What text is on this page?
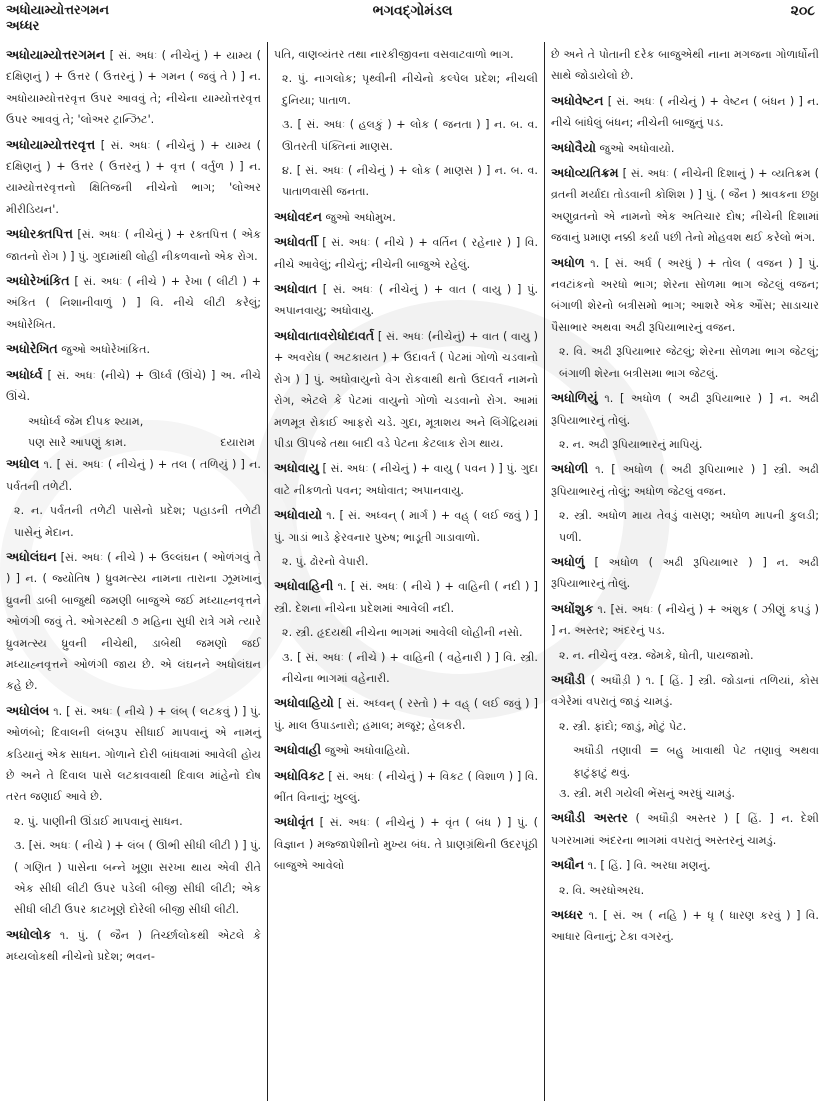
અધોયામ્યોત્તરગમન
અધ્ધર
ભગવદ્ગોમંડલ	૨૦૮
અધોયામ્યોત્તરગમન [ સં. અધઃ ( નીચેનું ) + યામ્ય ( દક્ષિણનું ) + ઉત્તર ( ઉત્તરનું ) + ગમન ( જવું તે ) ] ન. અધોયામ્યોત્તરવૃત્ત ઉપર આવવું તે; નીચેના યામ્યોત્તરવૃત્ત ઉપર આવવું તે; 'લોઅર ટ્રાન્ઝિટ'.
અધોયામ્યોત્તરવૃત્ત [ સં. અધઃ ( નીચેનું ) + યામ્ય ( દક્ષિણનું ) + ઉત્તર ( ઉત્તરનું ) + વૃત્ત ( વર્તુળ ) ] ન. યામ્યોત્તરવૃત્તનો ક્ષિતિજની નીચેનો ભાગ; 'લોઅર મીરીડિયન'.
અધોરક્તપિત્ત [સં. અધઃ ( નીચેનું ) + રક્તપિત્ત ( એક જાતનો રોગ ) ] પું. ગુદામાંથી લોહી નીકળવાનો એક રોગ.
અધોરેખાંકિત [ સં. અધઃ ( નીચે ) + રેખા ( લીટી ) + અંકિત ( નિશાનીવાળું ) ] વિ. નીચે લીટી કરેલું; અધોરેખિત.
અધોરેખિત જુઓ અધોરેખાંકિત.
અધોર્ધ્વ [ સં. અધઃ (નીચે) + ઊર્ધ્વ (ઊંચે) ] અ. નીચે ઊંચે.
અધોર્ધ્વ જેમ દીપક શ્યામ,
પણ સારે આપણું કામ.	દયારામ
અધોલ ૧. [ સં. અધઃ ( નીચેનું ) + તલ ( તળિયું ) ] ન. પર્વતની તળેટી.
૨. ન. પર્વતની તળેટી પાસેનો પ્રદેશ; પહાડની તળેટી પાસેનું મેદાન.
અધોલંઘન [સં. અધઃ ( નીચે ) + ઉલ્લંઘન ( ઓળંગવું તે ) ] ન. ( જ્યોતિષ ) ધ્રુવમત્સ્ય નામના તારાના ઝૂમખાનું ધ્રુવની ડાબી બાજુથી જમણી બાજુએ જઈ મધ્યાહ્નવૃત્તને ઓળંગી જવું તે. ઓગસ્ટથી ૭ મહિના સુધી રાત્રે ગમે ત્યારે ધ્રુવમત્સ્ય ધ્રુવની નીચેથી, ડાબેથી જમણો જઈ મધ્યાહ્નવૃત્તને ઓળંગી જાય છે. એ લંઘનને અધોલંઘન કહે છે.
અધોલંબ ૧. [ સં. અધઃ ( નીચે ) + લંબ્ ( લટકવું ) ] પું. ઓળંબો; દિવાલની લંબરૂપ સીધાઈ માપવાનું એ નામનું કડિયાનું એક સાધન. ગોળાને દોરી બાંધવામાં આવેલી હોય છે અને તે દિવાલ પાસે લટકાવવાથી દિવાલ માંહેનો દોષ તરત જણાઈ આવે છે.
૨. પું. પાણીની ઊંડાઈ માપવાનું સાધન.
૩. [સં. અધઃ ( નીચે ) + લંબ ( ઊભી સીધી લીટી ) ] પું. ( ગણિત ) પાસેના બન્ને ખૂણા સરખા થાય એવી રીતે એક સીધી લીટી ઉપર પડેલી બીજી સીધી લીટી; એક સીધી લીટી ઉપર કાટખૂણે દોરેલી બીજી સીધી લીટી.
અધોલોક ૧. પું. ( જૈન ) તિર્ચ્છાલોકથી એટલે કે મધ્યલોકથી નીચેનો પ્રદેશ; ભવન-
પતિ, વાણવ્યંતર તથા નારકીજીવના વસવાટવાળો ભાગ.
૨. પું. નાગલોક; પૃથ્વીની નીચેનો કલ્પેલ પ્રદેશ; નીચલી દુનિયા; પાતાળ.
૩. [ સં. અધઃ ( હલકું ) + લોક ( જનતા ) ] ન. બ. વ. ઊતરતી પંક્તિનાં માણસ.
૪. [ સં. અધઃ ( નીચેનું ) + લોક ( માણસ ) ] ન. બ. વ. પાતાળવાસી જનતા.
અધોવદન જુઓ અધોમુખ.
અધોવર્તી [ સં. અધઃ ( નીચે ) + વર્તિન ( રહેનાર ) ] વિ. નીચે આવેલું; નીચેનું; નીચેની બાજુએ રહેલું.
અધોવાત [ સં. અધઃ ( નીચેનું ) + વાત ( વાયુ ) ] પું. અપાનવાયુ; અધોવાયુ.
અધોવાતાવરોધોદાવર્ત [ સં. અધઃ (નીચેનું) + વાત ( વાયુ ) + અવરોધ ( અટકાયત ) + ઉદાવર્ત ( પેટમાં ગોળો ચડવાનો રોગ ) ] પું. અધોવાયુનો વેગ રોકવાથી થતો ઉદાવર્ત નામનો રોગ, એટલે કે પેટમાં વાયુનો ગોળો ચડવાનો રોગ. આમાં મળમૂત્ર રોકાઈ આફરો ચડે. ગુદા, મૂત્રાશય અને લિંગેંદ્રિયમાં પીડા ઊપજે તથા બાદી વડે પેટના કેટલાક રોગ થાય.
અધોવાયુ [ સં. અધઃ ( નીચેનું ) + વાયુ ( પવન ) ] પું. ગુદા વાટે નીકળતો પવન; અધોવાત; અપાનવાયુ.
અધોવાયો ૧. [ સં. અધ્વન્ ( માર્ગ ) + વહ્ ( લઈ જવું ) ] પું. ગાડાં ભાડે ફેરવનાર પુરુષ; ભાડૂતી ગાડાવાળો.
૨. પું. ઢોરનો વેપારી.
અધોવાહિની ૧. [ સં. અધઃ ( નીચે ) + વાહિની ( નદી ) ] સ્ત્રી. દેશના નીચેના પ્રદેશમાં આવેલી નદી.
૨. સ્ત્રી. હૃદયથી નીચેના ભાગમાં આવેલી લોહીની નસો.
૩. [ સં. અધઃ ( નીચે ) + વાહિની ( વહેનારી ) ] વિ. સ્ત્રી. નીચેના ભાગમાં વહેનારી.
અધોવાહિયો [ સં. અધ્વન્ ( રસ્તો ) + વહ્ ( લઈ જવું ) ] પું. માલ ઉપાડનારો; હમાલ; મજૂર; હેલકરી.
અધોવાહી જુઓ અધોવાહિયો.
અધોવિકટ [ સં. અધઃ ( નીચેનું ) + વિકટ ( વિશાળ ) ] વિ. ભીંત વિનાનું; ખુલ્લું.
અધોવૃંત [ સં. અધઃ ( નીચેનું ) + વૃંત ( બંધ ) ] પું. ( વિજ્ઞાન ) મજ્જાપેશીનો મુખ્ય બંધ. તે પ્રાણગ્રંથિની ઉદરપૂંઠી બાજુએ આવેલો
છે અને તે પોતાની દરેક બાજુએથી નાના મગજના ગોળાર્ધોની સાથે જોડાયેલો છે.
અધોવેષ્ટન [ સં. અધઃ ( નીચેનું ) + વેષ્ટન ( બંધન ) ] ન. નીચે બાંધેલું બંધન; નીચેની બાજુનું પડ.
અધોવૈયો જુઓ અધોવાયો.
અધોવ્યતિક્રમ [ સં. અધઃ ( નીચેની દિશાનું ) + વ્યતિક્રમ ( વ્રતની મર્યાદા તોડવાની કોશિશ ) ] પું. ( જૈન ) શ્રાવકના છઠ્ઠા અણુવ્રતનો એ નામનો એક અતિચાર દોષ; નીચેની દિશામાં જવાનું પ્રમાણ નક્કી કર્યા પછી તેનો મોહવશ થઈ કરેલો ભંગ.
અધોળ ૧. [ સં. અર્ધ ( અરધું ) + તોલ ( વજન ) ] પું. નવટાંકનો અરધો ભાગ; શેરના સોળમા ભાગ જેટલું વજન; બંગાળી શેરનો બત્રીસમો ભાગ; આશરે એક ઔંસ; સાડાચાર પૈસાભાર અથવા અઢી રૂપિયાભારનું વજન.
૨. વિ. અઢી રૂપિયાભાર જેટલું; શેરના સોળમા ભાગ જેટલું; બંગાળી શેરના બત્રીસમા ભાગ જેટલું.
અધોળિયું ૧. [ અધોળ ( અઢી રૂપિયાભાર ) ] ન. અઢી રૂપિયાભારનું તોલું.
૨. ન. અઢી રૂપિયાભારનું માપિયું.
અધોળી ૧. [ અધોળ ( અઢી રૂપિયાભાર ) ] સ્ત્રી. અઢી રૂપિયાભારનું તોલું; અધોળ જેટલું વજન.
૨. સ્ત્રી. અધોળ માય તેવડું વાસણ; અધોળ માપની કુલડી; પળી.
અધોળું [ અધોળ ( અઢી રૂપિયાભાર ) ] ન. અઢી રૂપિયાભારનું તોલું.
અધોંશુક ૧. [સં. અધઃ ( નીચેનું ) + અંશુક ( ઝીણું કપડું ) ] ન. અસ્તર; અંદરનું પડ.
૨. ન. નીચેનું વસ્ત્ર. જેમકે, ધોતી, પાયજામો.
અધૌડી ( અધૌડ઼ી ) ૧. [ હિં. ] સ્ત્રી. જોડાનાં તળિયાં, કોસ વગેરેમાં વપરાતું જાડું ચામડું.
૨. સ્ત્રી. ફાંદો; જાડું, મોટું પેટ.
અધૌડી તણાવી = બહુ ખાવાથી પેટ તણાવું અથવા ફાટુંફાટું થવું.
૩. સ્ત્રી. મરી ગયેલી ભેંસનું અરધું ચામડું.
અધૌડી અસ્તર ( અધૌડ઼ી અસ્તર ) [ હિં. ] ન. દેશી પગરખામાં અંદરના ભાગમાં વપરાતું અસ્તરનું ચામડું.
અધૌન ૧. [ હિં. ] વિ. અરધા મણનું.
૨. વિ. અરધોઅરધ.
અધ્ધર ૧. [ સં. અ ( નહિ ) + ધૃ ( ધારણ કરવું ) ] વિ. આધાર વિનાનું; ટેકા વગરનું.
